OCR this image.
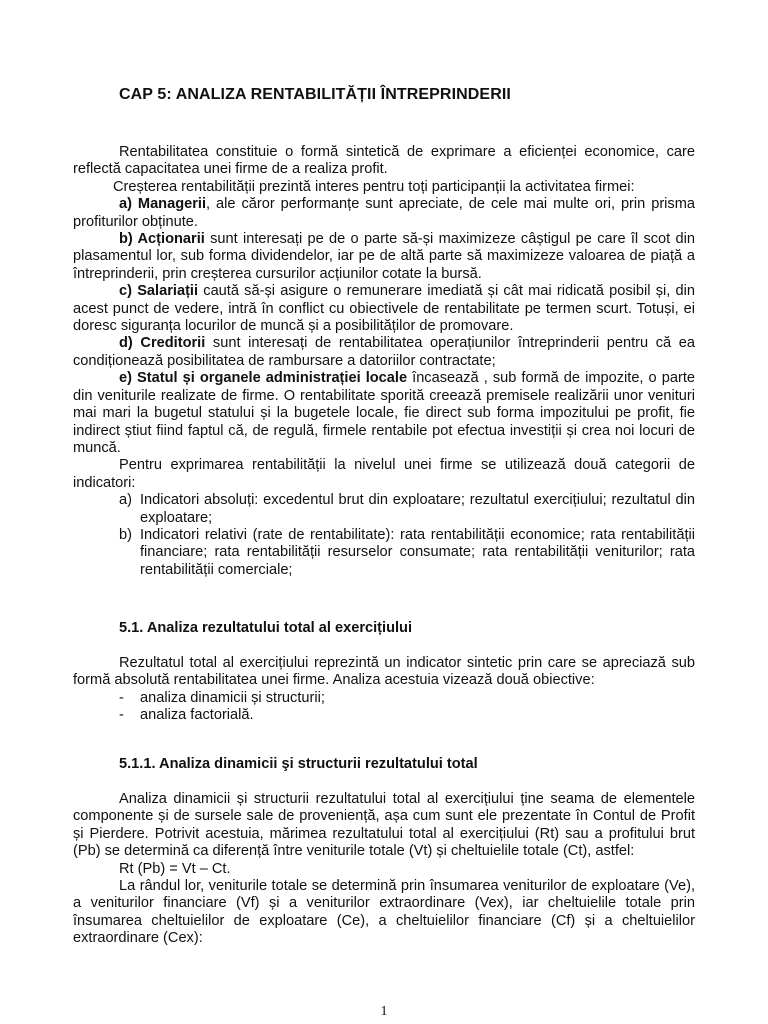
CAP 5: ANALIZA RENTABILITĂȚII ÎNTREPRINDERII

Rentabilitatea constituie o formă sintetică de exprimare a eficienței economice, care reflectă capacitatea unei firme de a realiza profit.

Creșterea rentabilității prezintă interes pentru toți participanții la activitatea firmei:

a) Managerii, ale căror performanțe sunt apreciate, de cele mai multe ori, prin prisma profiturilor obținute.

b) Acționarii sunt interesați pe de o parte să-și maximizeze câștigul pe care îl scot din plasamentul lor, sub forma dividendelor, iar pe de altă parte să maximizeze valoarea de piață a întreprinderii, prin creșterea cursurilor acțiunilor cotate la bursă.

c) Salariații caută să-și asigure o remunerare imediată și cât mai ridicată posibil și, din acest punct de vedere, intră în conflict cu obiectivele de rentabilitate pe termen scurt. Totuși, ei doresc siguranța locurilor de muncă și a posibilităților de promovare.

d) Creditorii sunt interesați de rentabilitatea operațiunilor întreprinderii pentru că ea condiționează posibilitatea de rambursare a datoriilor contractate;

e) Statul și organele administrației locale încasează , sub formă de impozite, o parte din veniturile realizate de firme. O rentabilitate sporită creează premisele realizării unor venituri mai mari la bugetul statului și la bugetele locale, fie direct sub forma impozitului pe profit, fie indirect știut fiind faptul că, de regulă, firmele rentabile pot efectua investiții și crea noi locuri de muncă.

Pentru exprimarea rentabilității la nivelul unei firme se utilizează două categorii de indicatori:

a) Indicatori absoluți: excedentul brut din exploatare; rezultatul exercițiului; rezultatul din exploatare;
b) Indicatori relativi (rate de rentabilitate): rata rentabilității economice; rata rentabilității financiare; rata rentabilității resurselor consumate; rata rentabilității veniturilor; rata rentabilității comerciale;
5.1. Analiza rezultatului total al exercițiului

Rezultatul total al exercițiului reprezintă un indicator sintetic prin care se apreciază sub formă absolută rentabilitatea unei firme. Analiza acestuia vizează două obiective:

- analiza dinamicii și structurii;
- analiza factorială.
5.1.1. Analiza dinamicii şi structurii rezultatului total

Analiza dinamicii și structurii rezultatului total al exercițiului ține seama de elementele componente și de sursele sale de proveniență, așa cum sunt ele prezentate în Contul de Profit și Pierdere. Potrivit acestuia, mărimea rezultatului total al exercițiului (Rt) sau a profitului brut (Pb) se determină ca diferență între veniturile totale (Vt) și cheltuielile totale (Ct), astfel:

Rt (Pb) = Vt – Ct.

La rândul lor, veniturile totale se determină prin însumarea veniturilor de exploatare (Ve), a veniturilor financiare (Vf) și a veniturilor extraordinare (Vex), iar cheltuielile totale prin însumarea cheltuielilor de exploatare (Ce), a cheltuielilor financiare (Cf) și a cheltuielilor extraordinare (Cex):

1
